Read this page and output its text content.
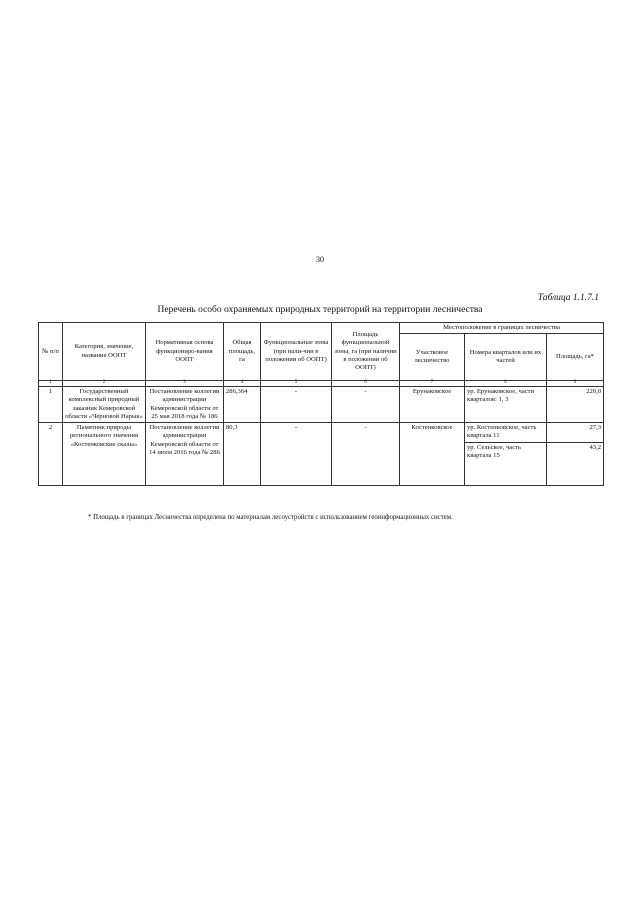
30
Таблица 1.1.7.1
Перечень особо охраняемых природных территорий на территории лесничества
№ п/п	Категория, значение, название ООПТ	Нормативная основа функциониро-вания ООПТ	Общая площадь, га	Функциональные зоны (при нали-чии в положении об ООПТ)	Площадь функциональной зоны, га (при наличии в положении об ООПТ)	Местоположение в границах лесничества		
						Участковое лесничество	Номера кварталов или их частей	Площадь, га*
1	2	3	4	5	6	7	8	9
1	Государственный комплексный природный заказник Кемеровской области «Черновой Нарык»	Постановление коллегии администрации Кемеровской области от 25 мая 2018 года № 186	286,364	-	-	Ерунаковское	ур. Ерунаковское, части кварталов: 1, 3	220,0
2	Памятник природы регионального значения «Костенковские скалы»	Постановление коллегии администрации Кемеровской области от 14 июля 2016 года № 286	80,3	-	-	Костенковское	ур. Костенковское, часть квартала 11	27,3
							ур. Сельское, часть квартала 15	43,2
* Площадь в границах Лесничества определена по материалам лесоустройств с использованием геоинформационных систем.
